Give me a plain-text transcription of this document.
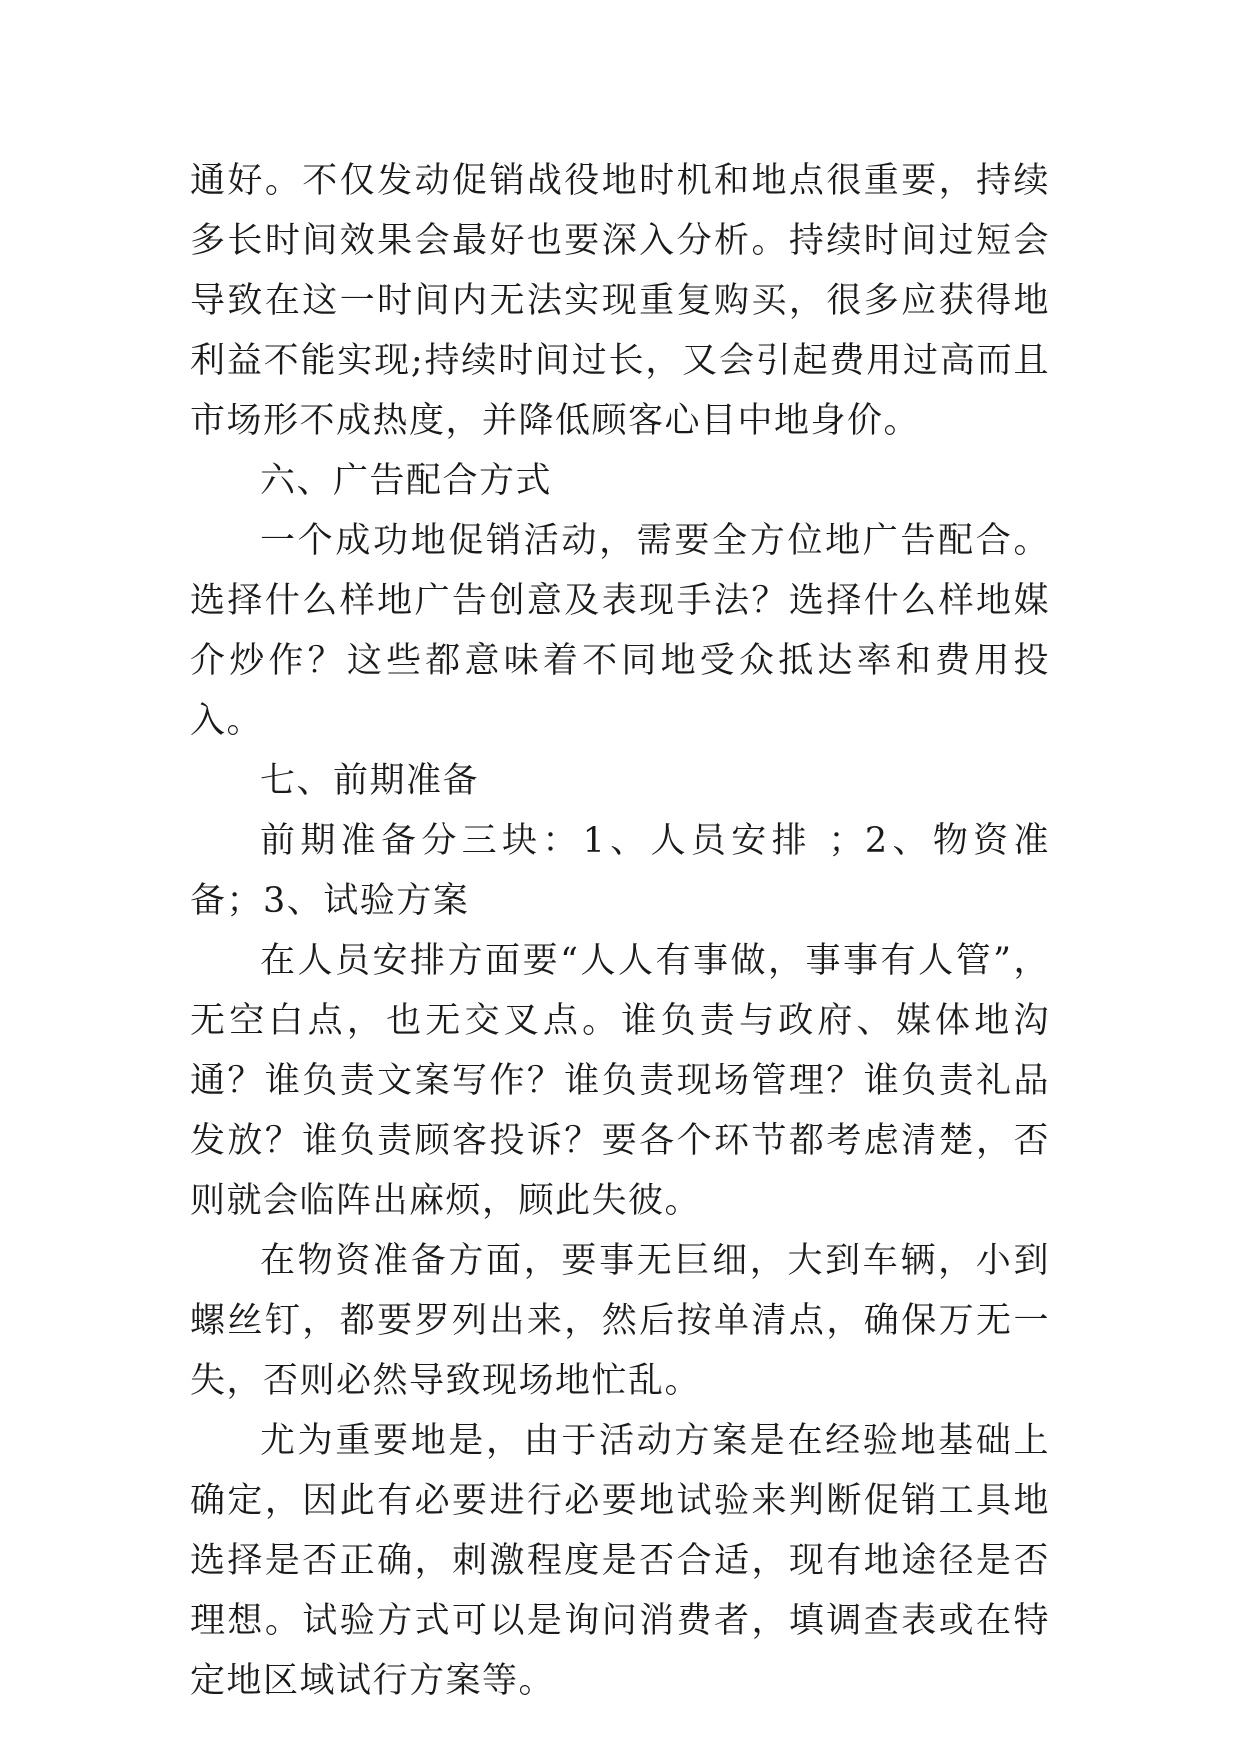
通好。不仅发动促销战役地时机和地点很重要，持续多长时间效果会最好也要深入分析。持续时间过短会导致在这一时间内无法实现重复购买，很多应获得地利益不能实现;持续时间过长，又会引起费用过高而且市场形不成热度，并降低顾客心目中地身价。

六、广告配合方式

一个成功地促销活动，需要全方位地广告配合。选择什么样地广告创意及表现手法？选择什么样地媒介炒作？这些都意味着不同地受众抵达率和费用投入。

七、前期准备

前期准备分三块：1、人员安排 ；2、物资准备；3、试验方案

在人员安排方面要“人人有事做，事事有人管”，无空白点，也无交叉点。谁负责与政府、媒体地沟通？谁负责文案写作？谁负责现场管理？谁负责礼品发放？谁负责顾客投诉？要各个环节都考虑清楚，否则就会临阵出麻烦，顾此失彼。

在物资准备方面，要事无巨细，大到车辆，小到螺丝钉，都要罗列出来，然后按单清点，确保万无一失，否则必然导致现场地忙乱。

尤为重要地是，由于活动方案是在经验地基础上确定，因此有必要进行必要地试验来判断促销工具地选择是否正确，刺激程度是否合适，现有地途径是否理想。试验方式可以是询问消费者，填调查表或在特定地区域试行方案等。
